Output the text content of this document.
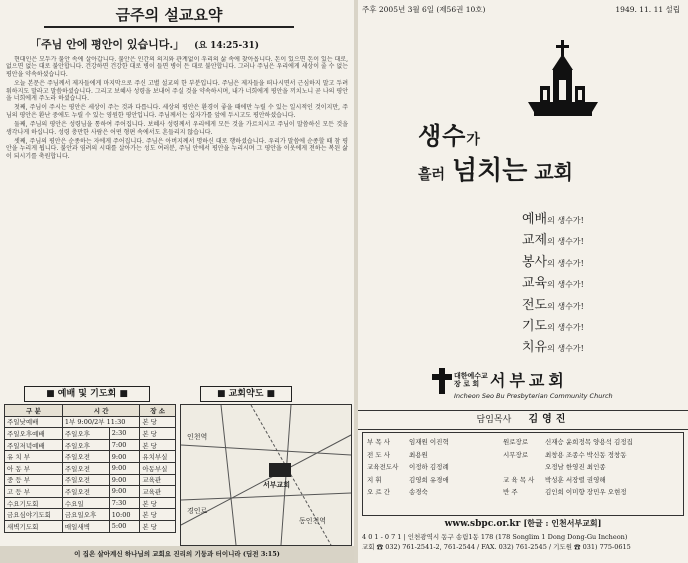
금주의 설교요약
「주님 안에 평안이 있습니다.」 (요 14:25-31)

현대인은 모두가 불안 속에 살아갑니다. 불안은 인간의 의지와 관계없이 우리의 삶 속에 찾아옵니다. 돈이 있으면 돈이 있는 대로, 없으면 없는 대로 불안합니다. 건강하면 건강한 대로 병이 들면 병이 든 대로 불안합니다. 그러나 주님은 우리에게 세상이 줄 수 없는 평안을 약속하셨습니다.

오늘 본문은 주님께서 제자들에게 마지막으로 주신 고별 설교의 한 부분입니다. 주님은 제자들을 떠나시면서 근심하지 말고 두려워하지도 말라고 말씀하셨습니다. 그리고 보혜사 성령을 보내어 주실 것을 약속하시며, 내가 너희에게 평안을 끼치노니 곧 나의 평안을 너희에게 주노라 하셨습니다.

첫째, 주님이 주시는 평안은 세상이 주는 것과 다릅니다. 세상의 평안은 환경이 좋을 때에만 누릴 수 있는 일시적인 것이지만, 주님의 평안은 환난 중에도 누릴 수 있는 영원한 평안입니다. 주님께서는 십자가를 앞에 두시고도 평안하셨습니다.

둘째, 주님의 평안은 성령님을 통하여 주어집니다. 보혜사 성령께서 우리에게 모든 것을 가르치시고 주님이 말씀하신 모든 것을 생각나게 하십니다. 성령 충만한 사람은 어떤 형편 속에서도 흔들리지 않습니다.

셋째, 주님의 평안은 순종하는 자에게 주어집니다. 주님은 아버지께서 명하신 대로 행하셨습니다. 우리가 말씀에 순종할 때 참 평안을 누리게 됩니다. 불안과 염려의 시대를 살아가는 성도 여러분, 주님 안에서 평안을 누리시며 그 평안을 이웃에게 전하는 복된 삶이 되시기를 축원합니다.

■ 예배 및 기도회 ■	■ 교회약도 ■
구 분	시 간		장 소
주일낮예배	1부 9:00/2부 11:30		본 당
주일오후예배	주일오후	2:30	본 당
주일저녁예배	주일오후	7:00	본 당
유 치 부	주일오전	9:00	유치부실
아 동 부	주일오전	9:00	아동부실
중 등 부	주일오전	9:00	교육관
고 등 부	주일오전	9:00	교육관
수요기도회	수요일	7:30	본 당
금요심야기도회	금요일오후	10:00	본 당
새벽기도회	매일새벽	5:00	본 당
인천역
서부교회
동인천역
경인로
이 집은 살아계신 하나님의 교회요 진리의 기둥과 터이니라 (딤전 3:15)
주후 2005년 3월 6일 (제56권 10호)	1949. 11. 11 설립
생수가
흘러 넘치는 교회
예배의 생수가!
교제의 생수가!
봉사의 생수가!
교육의 생수가!
전도의 생수가!
기도의 생수가!
치유의 생수가!
대한예수교
장 로 회 서부교회
Incheon Seo Bu Presbyterian Community Church
담임목사 김영진
부 목 사	임재원 이진혁
전 도 사	최용원
교육전도사 이정하 김정례
지 휘	김영희 유경애
오 르 간	송경숙
원로장로	신재승 윤희정목 양용석 김정집
시무장로	최창용 조종수 박신동 정창동
오정남 한영진 최인종
교 육 목 사 박성훈 서장렬 권영해
반 주	김인희 이미향 장민우 오현정
www.sbpc.or.kr [한글 : 인천서부교회]
4 0 1 - 0 7 1 | 인천광역시 동구 송림1동 178 (178 Songlim 1 Dong Dong-Gu Incheon)
교회 ☎ 032) 761-2541-2, 761-2544 / FAX. 032) 761-2545 / 기도원 ☎ 031) 775-0615
